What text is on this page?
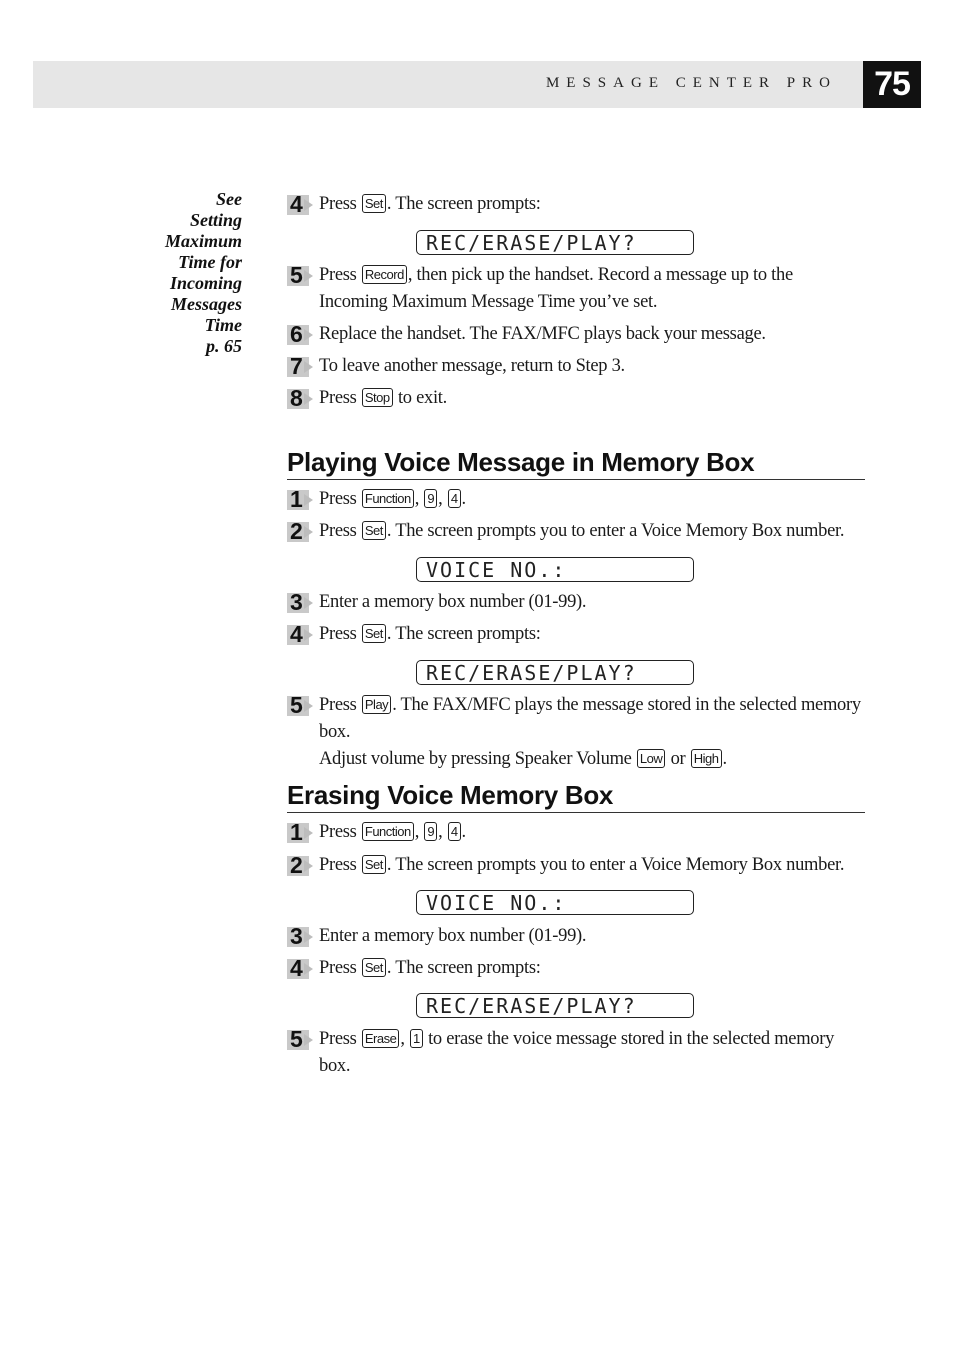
MESSAGE CENTER PRO	75
See
Setting
Maximum
Time for
Incoming
Messages
Time
p. 65
4 Press Set . The screen prompts:
REC/ERASE/PLAY?
5 Press Record , then pick up the handset. Record a message up to the
Incoming Maximum Message Time you’ve set.
6 Replace the handset. The FAX/MFC plays back your message.
7 To leave another message, return to Step 3.
8 Press Stop to exit.
Playing Voice Message in Memory Box
1 Press Function , 9 , 4 .
2 Press Set . The screen prompts you to enter a Voice Memory Box number.
VOICE NO.:_
3 Enter a memory box number (01-99).
4 Press Set . The screen prompts:
REC/ERASE/PLAY?
5 Press Play . The FAX/MFC plays the message stored in the selected memory box.
Adjust volume by pressing Speaker Volume Low or High .
Erasing Voice Memory Box
1 Press Function , 9 , 4 .
2 Press Set . The screen prompts you to enter a Voice Memory Box number.
VOICE NO.:_
3 Enter a memory box number (01-99).
4 Press Set . The screen prompts:
REC/ERASE/PLAY?
5 Press Erase , 1 to erase the voice message stored in the selected memory box.
